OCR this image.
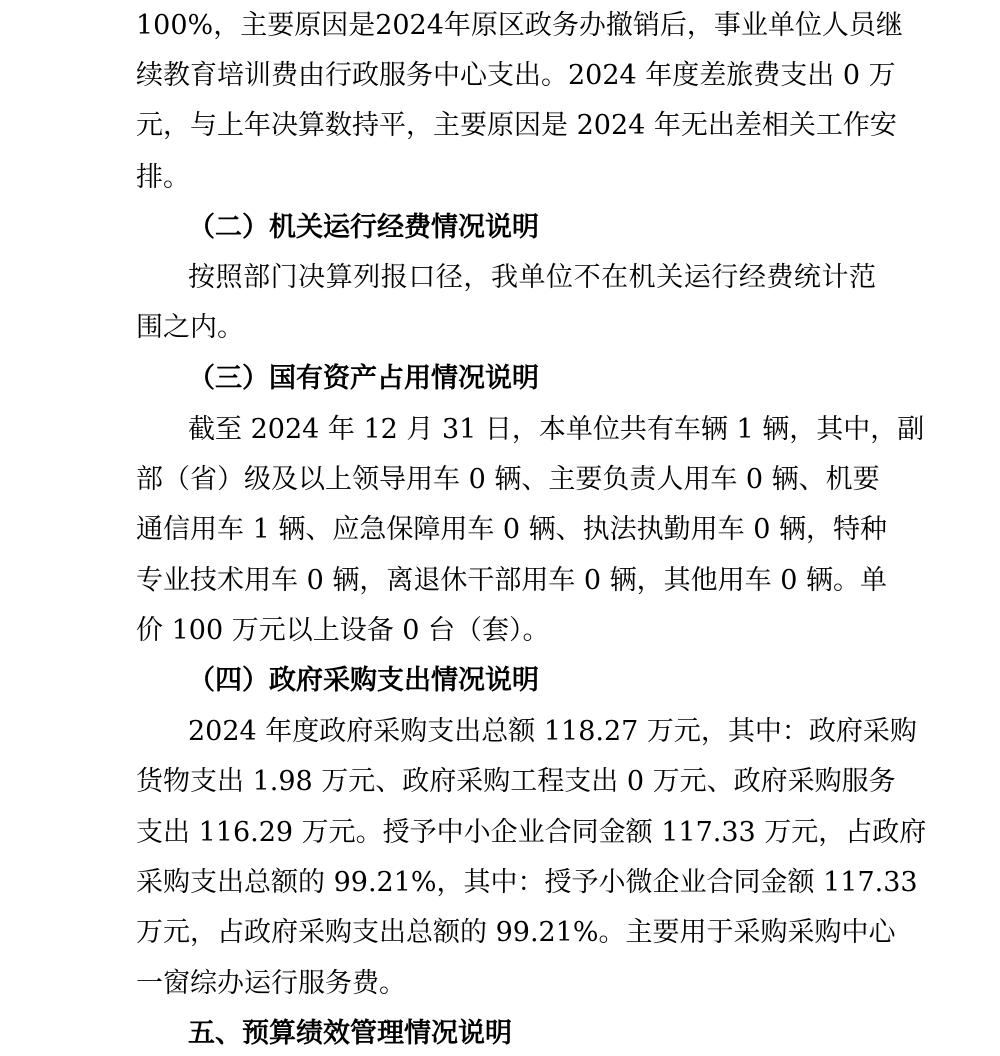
100%，主要原因是2024年原区政务办撤销后，事业单位人员继
续教育培训费由行政服务中心支出。2024 年度差旅费支出 0 万
元，与上年决算数持平，主要原因是 2024 年无出差相关工作安
排。
（二）机关运行经费情况说明
按照部门决算列报口径，我单位不在机关运行经费统计范
围之内。
（三）国有资产占用情况说明
截至 2024 年 12 月 31 日，本单位共有车辆 1 辆，其中，副
部（省）级及以上领导用车 0 辆、主要负责人用车 0 辆、机要
通信用车 1 辆、应急保障用车 0 辆、执法执勤用车 0 辆，特种
专业技术用车 0 辆，离退休干部用车 0 辆，其他用车 0 辆。单
价 100 万元以上设备 0 台（套）。
（四）政府采购支出情况说明
2024 年度政府采购支出总额 118.27 万元，其中：政府采购
货物支出 1.98 万元、政府采购工程支出 0 万元、政府采购服务
支出 116.29 万元。授予中小企业合同金额 117.33 万元，占政府
采购支出总额的 99.21%，其中：授予小微企业合同金额 117.33
万元，占政府采购支出总额的 99.21%。主要用于采购采购中心
一窗综办运行服务费。
五、预算绩效管理情况说明
